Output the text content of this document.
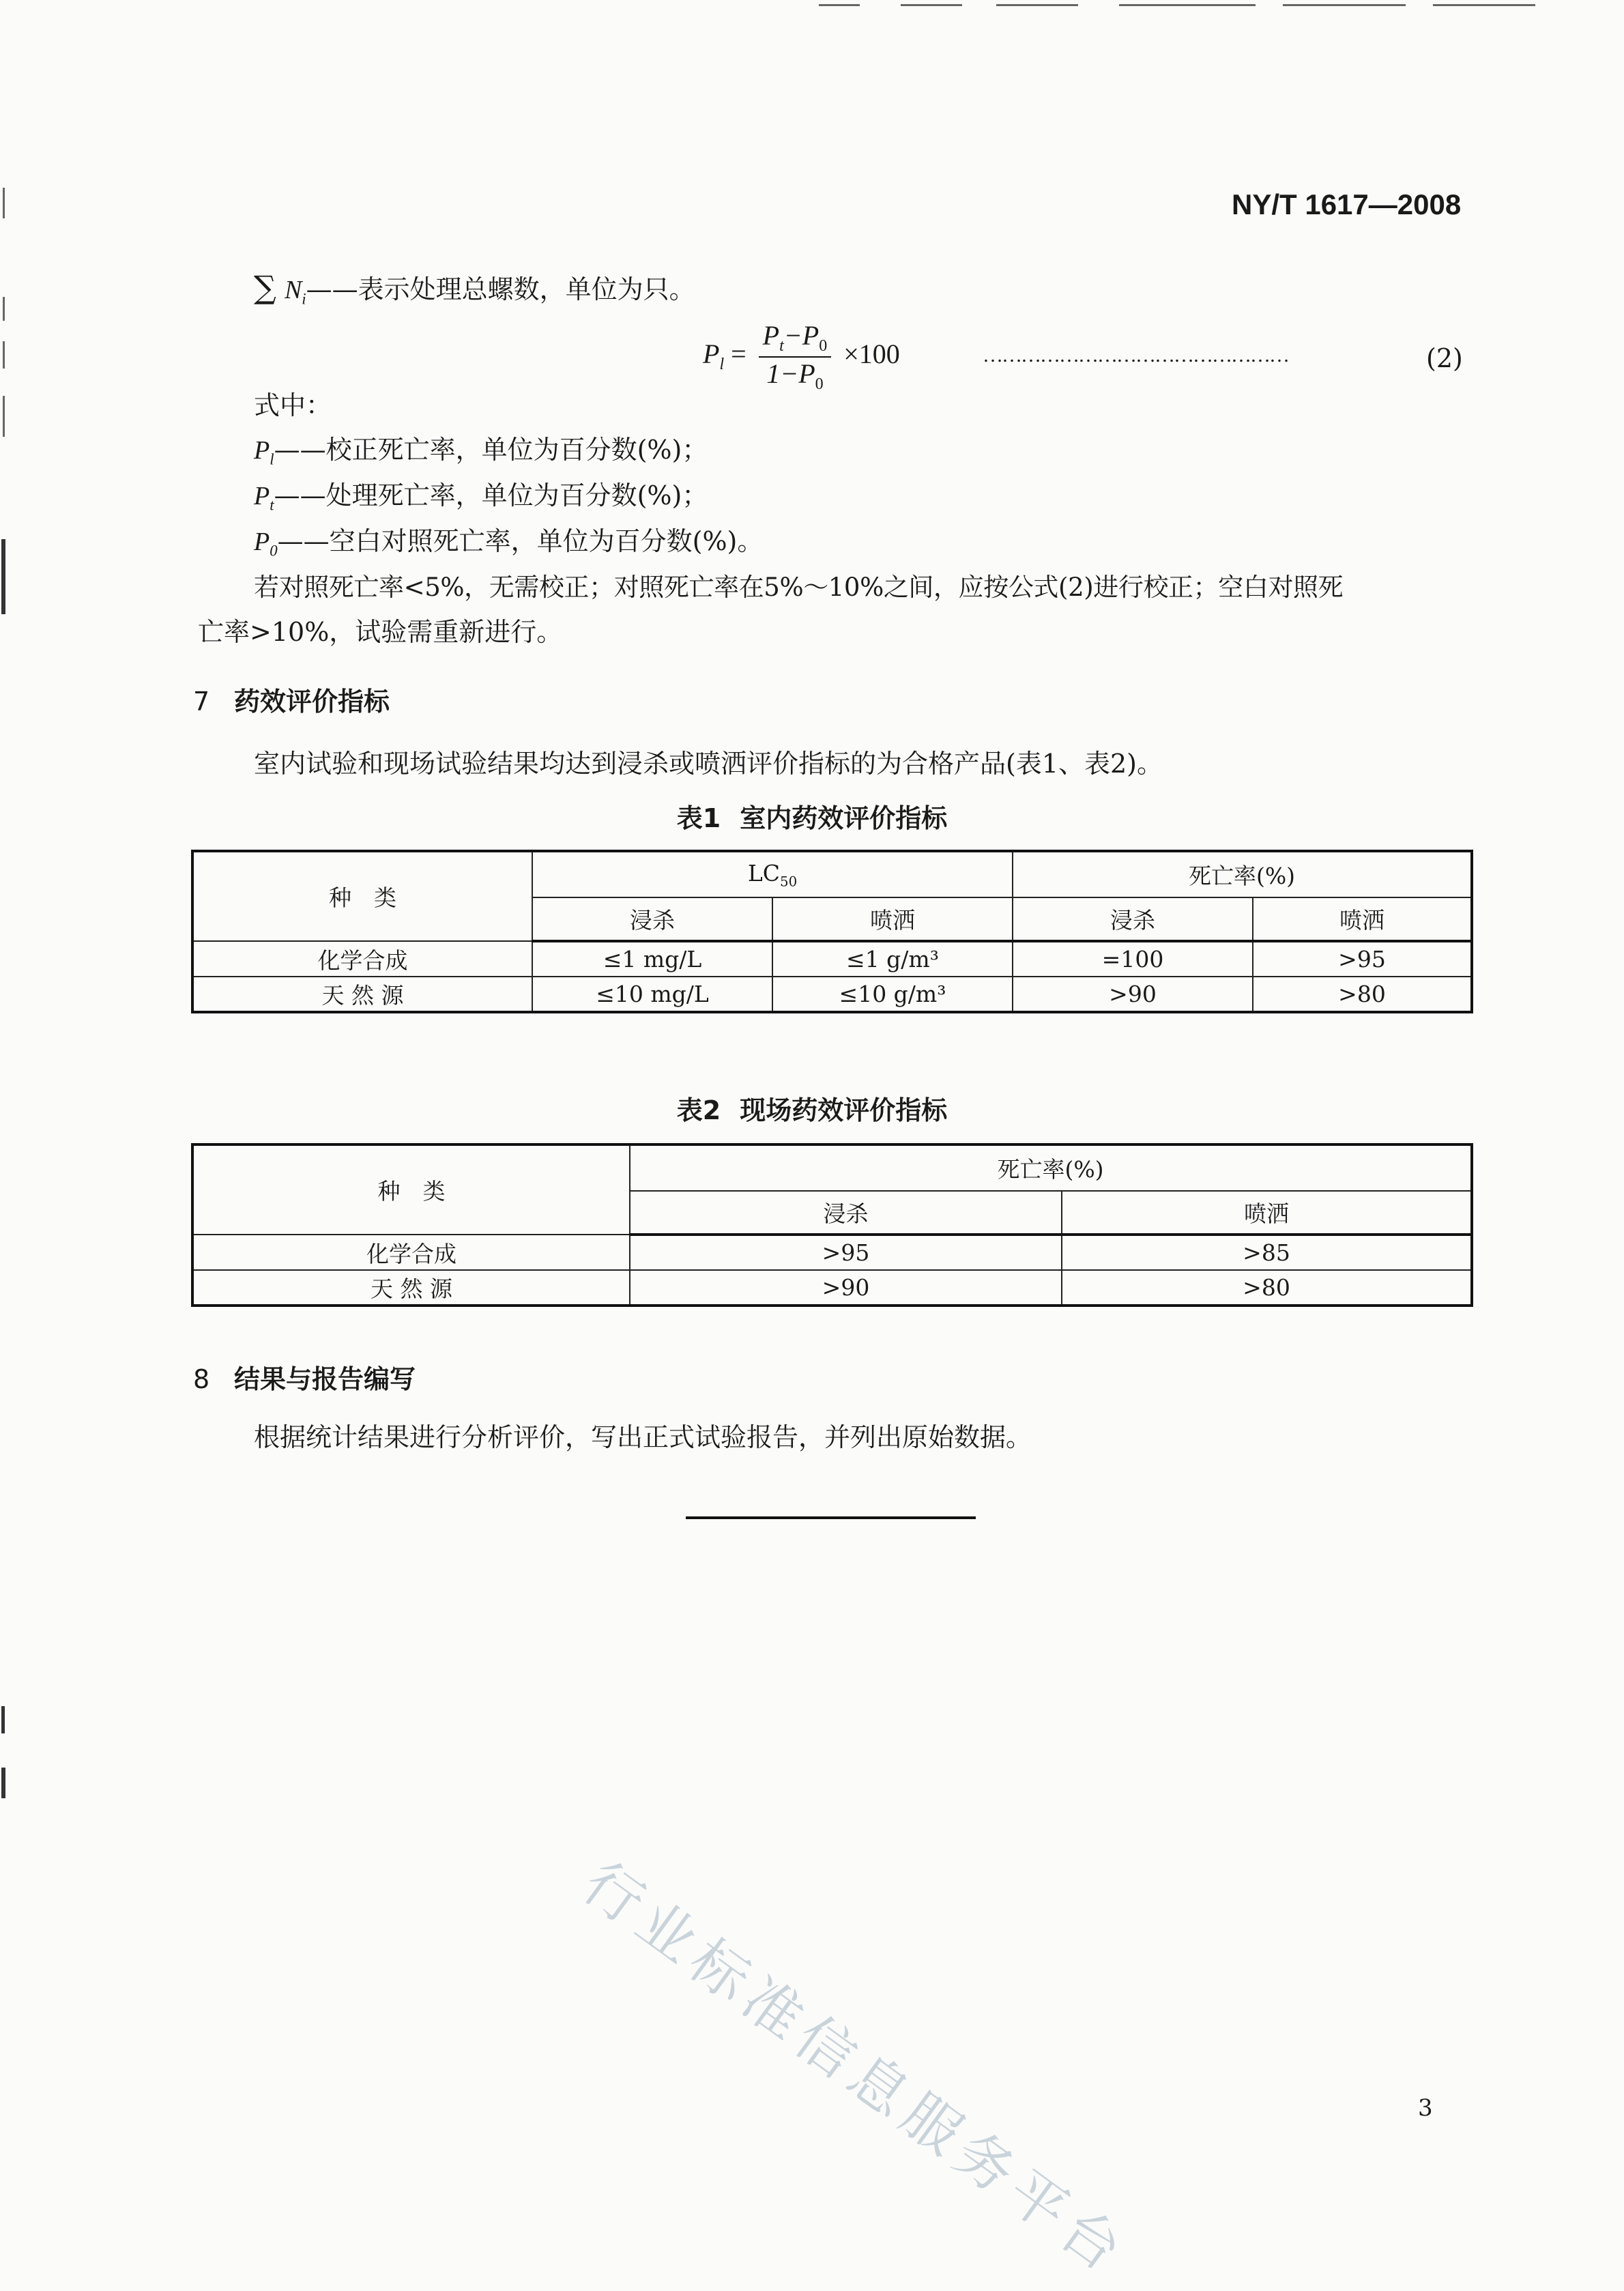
NY/T 1617—2008
∑ $N_i——$表示处理总螺数，单位为只。
$P_l = \frac{P_t-P_0}{1-P_0} \times 100$	…………………………………………	(2)
式中：
$P_l——$校正死亡率，单位为百分数(%)；
$P_t——$处理死亡率，单位为百分数(%)；
$P_0——$空白对照死亡率，单位为百分数(%)。
若对照死亡率<5%，无需校正；对照死亡率在5%～10%之间，应按公式(2)进行校正；空白对照死
亡率>10%，试验需重新进行。
7 药效评价指标
室内试验和现场试验结果均达到浸杀或喷洒评价指标的为合格产品(表1、表2)。
表1 室内药效评价指标
种　类	$LC_{50}$		死亡率(%)	
	浸杀	喷洒	浸杀	喷洒
化学合成	≤1 mg/L	≤1 g/m³	=100	>95
天 然 源	≤10 mg/L	≤10 g/m³	>90	>80
表2 现场药效评价指标
种　类	死亡率(%)	
	浸杀	喷洒
化学合成	>95	>85
天 然 源	>90	>80
8 结果与报告编写
根据统计结果进行分析评价，写出正式试验报告，并列出原始数据。
行业标准信息服务平台	3
